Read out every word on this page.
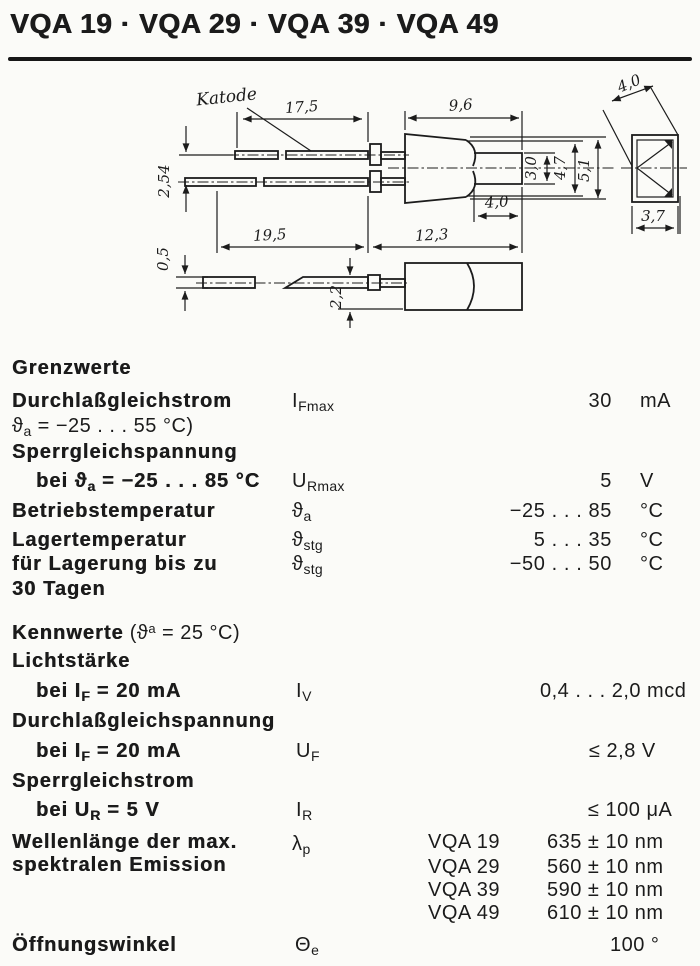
VQA 19 · VQA 29 · VQA 39 · VQA 49
Katode 17,5	9,6
4,0
2,54	3,0 4,7 5,1
4,0
19,5	12,3
3,7
0,5
2,2
Grenzwerte
Durchlaßgleichstrom	$I_{Fmax}$	30 mA
$ϑ_a = -25$ . . . 55 °C)
Sperrgleichspannung
bei $ϑ_a = -25$ . . . 85 °C $U_{Rmax}$	5 V
Betriebstemperatur	$ϑ_a$	−25 . . . 85 °C
Lagertemperatur	$ϑ_{stg}$	5 . . . 35 °C
für Lagerung bis zu	$ϑ_{stg}$	−50 . . . 50 °C
30 Tagen
Kennwerte ($ϑ^a = 25$ °C)
Lichtstärke
bei $I_F = 20$ mA	$I_V$	0,4 . . . 2,0 mcd
Durchlaßgleichspannung
bei $I_F = 20$ mA	$U_F$	≤ 2,8 V
Sperrgleichstrom
bei $U_R = 5$ V	$I_R$	≤ 100 μA
Wellenlänge der max.
spektralen Emission
$\lambda_p$	VQA 19 635 ± 10 nm
VQA 29 560 ± 10 nm
VQA 39 590 ± 10 nm
VQA 49 610 ± 10 nm
Öffnungswinkel	$\Theta_e$	100 °
